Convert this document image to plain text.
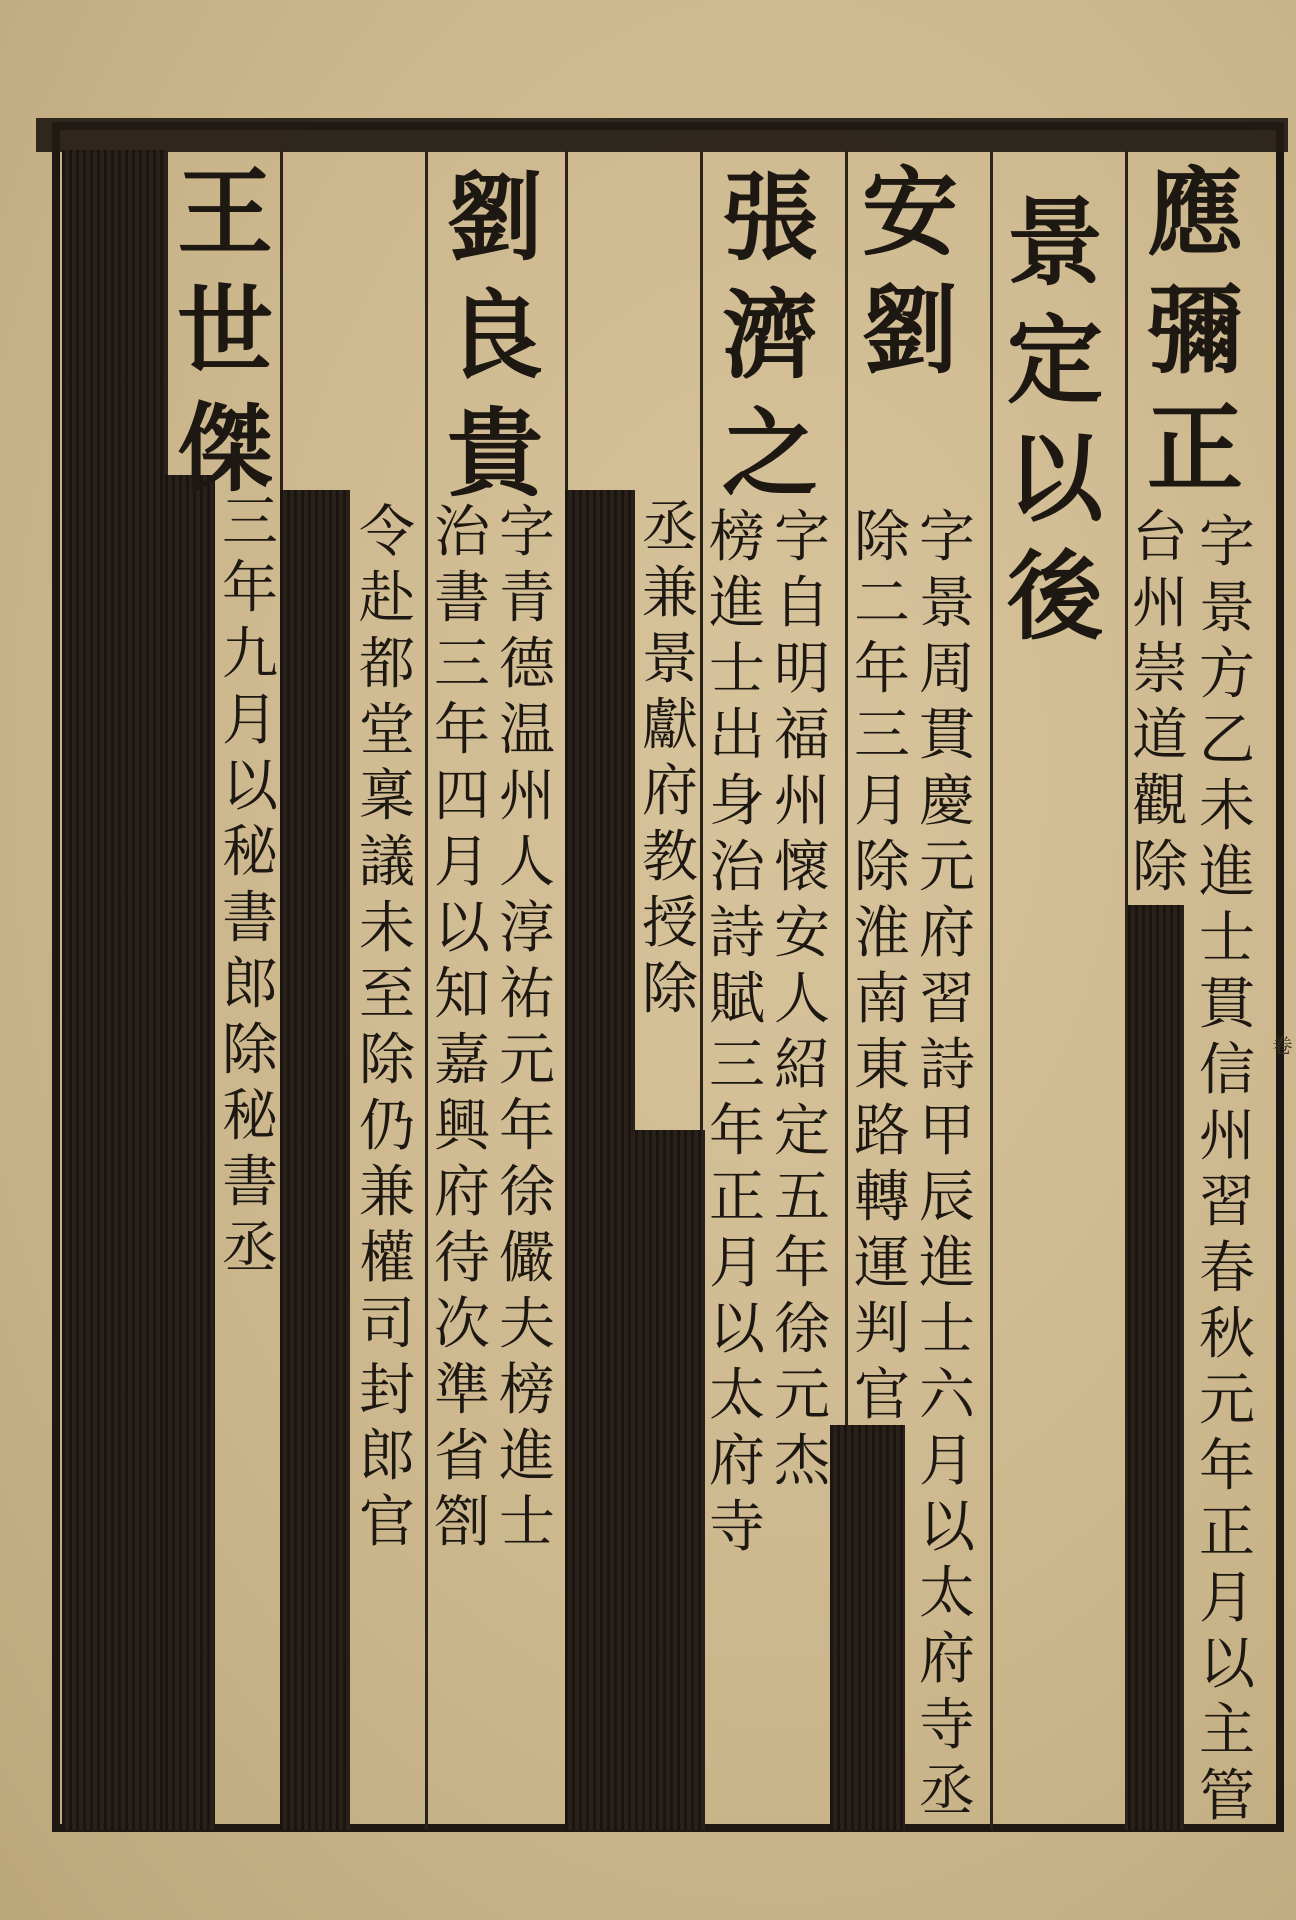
應
彌
正
字
景
方
乙
未
進
士
貫
信
州
習
春
秋
元
年
正
月
以
主
管
台
州
崇
道
觀
除
景
定
以
後
安
劉
字
景
周
貫
慶
元
府
習
詩
甲
辰
進
士
六
月
以
太
府
寺
丞
除
二
年
三
月
除
淮
南
東
路
轉
運
判
官
張
濟
之
字
自
明
福
州
懷
安
人
紹
定
五
年
徐
元
杰
榜
進
士
出
身
治
詩
賦
三
年
正
月
以
太
府
寺
丞
兼
景
獻
府
教
授
除
劉
良
貴
字
青
德
温
州
人
淳
祐
元
年
徐
儼
夫
榜
進
士
治
書
三
年
四
月
以
知
嘉
興
府
待
次
準
省
劄
令
赴
都
堂
稟
議
未
至
除
仍
兼
權
司
封
郎
官
王
世
傑
三
年
九
月
以
秘
書
郎
除
秘
書
丞
卷
